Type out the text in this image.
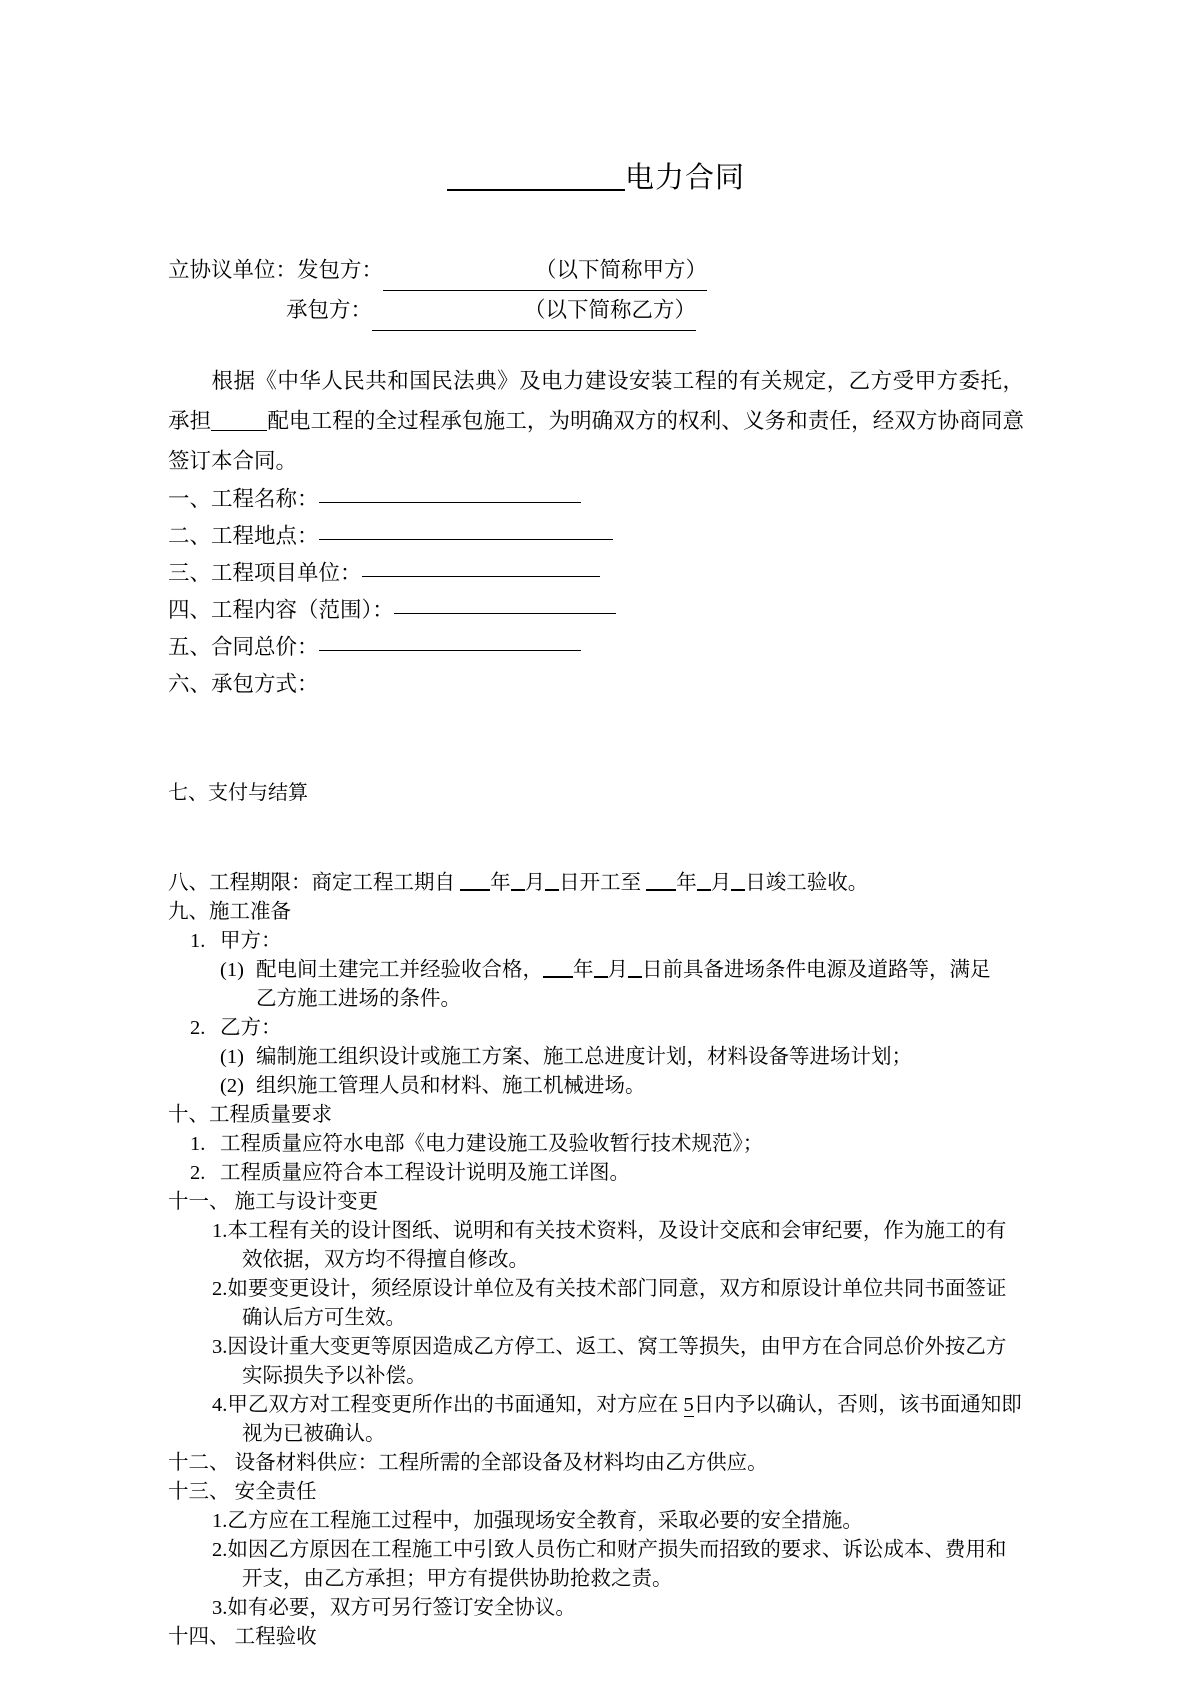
电力合同
立协议单位：发包方：	（以下简称甲方）
承包方：	（以下简称乙方）
根据《中华人民共和国民法典》及电力建设安装工程的有关规定，乙方受甲方委托，承担	配电工程的全过程承包施工，为明确双方的权利、义务和责任，经双方协商同意签订本合同。
一、工程名称：
二、工程地点：
三、工程项目单位：
四、工程内容（范围）：
五、合同总价：
六、承包方式：
七、支付与结算
八、工程期限：商定工程工期自 年 月 日开工至 年 月 日竣工验收。
九、施工准备
1. 甲方：
(1) 配电间土建完工并经验收合格， 年 月 日前具备进场条件电源及道路等，满足
乙方施工进场的条件。
2. 乙方：
(1) 编制施工组织设计或施工方案、施工总进度计划，材料设备等进场计划；
(2) 组织施工管理人员和材料、施工机械进场。
十、工程质量要求
1. 工程质量应符水电部《电力建设施工及验收暂行技术规范》；
2. 工程质量应符合本工程设计说明及施工详图。
十一、 施工与设计变更
1.本工程有关的设计图纸、说明和有关技术资料，及设计交底和会审纪要，作为施工的有效依据，双方均不得擅自修改。
2.如要变更设计，须经原设计单位及有关技术部门同意，双方和原设计单位共同书面签证确认后方可生效。
3.因设计重大变更等原因造成乙方停工、返工、窝工等损失，由甲方在合同总价外按乙方实际损失予以补偿。
4.甲乙双方对工程变更所作出的书面通知，对方应在 5日内予以确认，否则，该书面通知即视为已被确认。
十二、 设备材料供应：工程所需的全部设备及材料均由乙方供应。
十三、 安全责任
1.乙方应在工程施工过程中，加强现场安全教育，采取必要的安全措施。
2.如因乙方原因在工程施工中引致人员伤亡和财产损失而招致的要求、诉讼成本、费用和开支，由乙方承担；甲方有提供协助抢救之责。
3.如有必要，双方可另行签订安全协议。
十四、 工程验收
